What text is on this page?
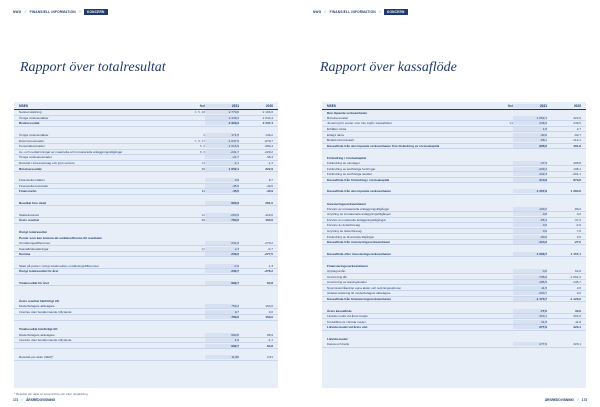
NWG // FINANSIELL INFORMATION //	KONCERN
Rapport över totalresultat
MSEK	Not	2021	2020
Nettoomsättning	3, 5, 18	2 779,6	2 193,0
Övriga rörelseintäkter	2 449,3	2 044,4
Bruttoresultat	2 329,3	2 237,4
Övriga rörelseintäkter	171,5	146,2
Externa kostnader	7, 9, 17	-1 047,9	-979,7
Personalkostnader	5, 6	-1 016,9	-980,4
Av- och nedskrivningar av materiella och immateriella anläggningstillgångar	8, 9	-241,7	-229,2
Övriga rörelsekostnader	-21,7	-38,3
Resultat i intressebolag och joint venture	13	-1,1	-1,4
Rörelseresultat	10	1 052,1	322,9
Finansiella intäkter	0,9	8,7
Finansiella kostnader	-45,9	-49,6
Finansnetto	11	-45,0	-40,9
Resultat före skatt	963,9	281,0
Skattekostnad	12	-203,9	-118,0
Årets resultat	12	760,0	163,0
Övrigt totalresultat
Poster som kan komma att omklassificeras till resultatet
Omräkningsdifferenser	231,9	-279,2
Kassaflödessäkringar	12	2,3	-0,7
Summa	233,6	-277,5
Skatt på poster i övrigt totalresultat, omräkningsdifferenser	-0,9	1,3
Övrigt totalresultat för året	232,7	-278,2
Totalresultat för året	992,7	84,8
Årets resultat hänförligt till:
Moderbolagets aktieägare	750,3	163,0
Innehav utan bestämmande inflytande	9,7	0,0
760,0	163,0
Totalresultat hänförligt till:
Moderbolagets aktieägare	990,8	88,9
Innehav utan bestämmande inflytande	1,9	-4,1
992,7	84,8
Resultat per aktie (SEK)*	11,86	2,51
* Resultat per aktie är samma före och efter utspädning.
172 // ÅRSREDOVISNING
NWG // FINANSIELL INFORMATION //	KONCERN
Rapport över kassaflöde
MSEK	Not	2021	2020
Den löpande verksamheten
Rörelseresultat	1 052,1	322,9
Justering för poster som inte ingår i kassaflödet	24	246,9	249,5
Erhållen ränta	1,8	2,7
Erlagd ränta	-40,0	-60,7
Betald inkomstskatt	-68,1	-112,1
Kassaflöde från den löpande verksamheten före förändring av rörelsekapital	995,0	401,8
Förändring i rörelsekapital
Förändring av varulager	-47,9	405,8
Förändring av kortfristiga fordringar	-269,4	138,1
Förändring av kortfristiga skulder	432,3	-201,1
Kassaflöde från förändring i rörelsekapital	214,9	879,8
Kassaflöde från den löpande verksamheten	1 207,9	1 284,6
Investeringsverksamheten
Förvärv av immateriella anläggningstillgångar	-109,2	-89,0
Avyttring av immateriella anläggningstillgångar	0,8	0,2
Förvärv av materiella anläggningstillgångar	-65,4	-37,4
Förvärv av dotterföretag	0,0	-0,6
Avyttring av dotterföretag	0,0	7,6
Förändring av finansiella tillgångar	-60,0	2,5
Kassaflöde från investeringsverksamheten	-114,2	-27,5
Kassaflöde efter investeringsverksamheten	1 093,7	1 157,1
Finansieringsverksamheten
Upptagna lån	0,0	62,9
Amortering lån	-796,0	-1 091,4
Amortering av leasingskulder	-186,5	-145,7
Nyemission/återköp egna aktier och teckningsoptioner	11,5	2,6
Utdelat utdelning till moderbolagets aktieägare	-200,7	0,0
Kassaflöde från finansieringsverksamheten	-1 170,7	-1 123,6
Årets kassaflöde	-77,0	33,6
Likvida medel vid årets början	323,1	301,9
Kursdifferens i likvida medel	31,8	-11,8
Likvida medel vid årets slut	277,9	323,1
Likvida medel
Kassa och bank	277,9	323,1
ÅRSREDOVISNING // 173
